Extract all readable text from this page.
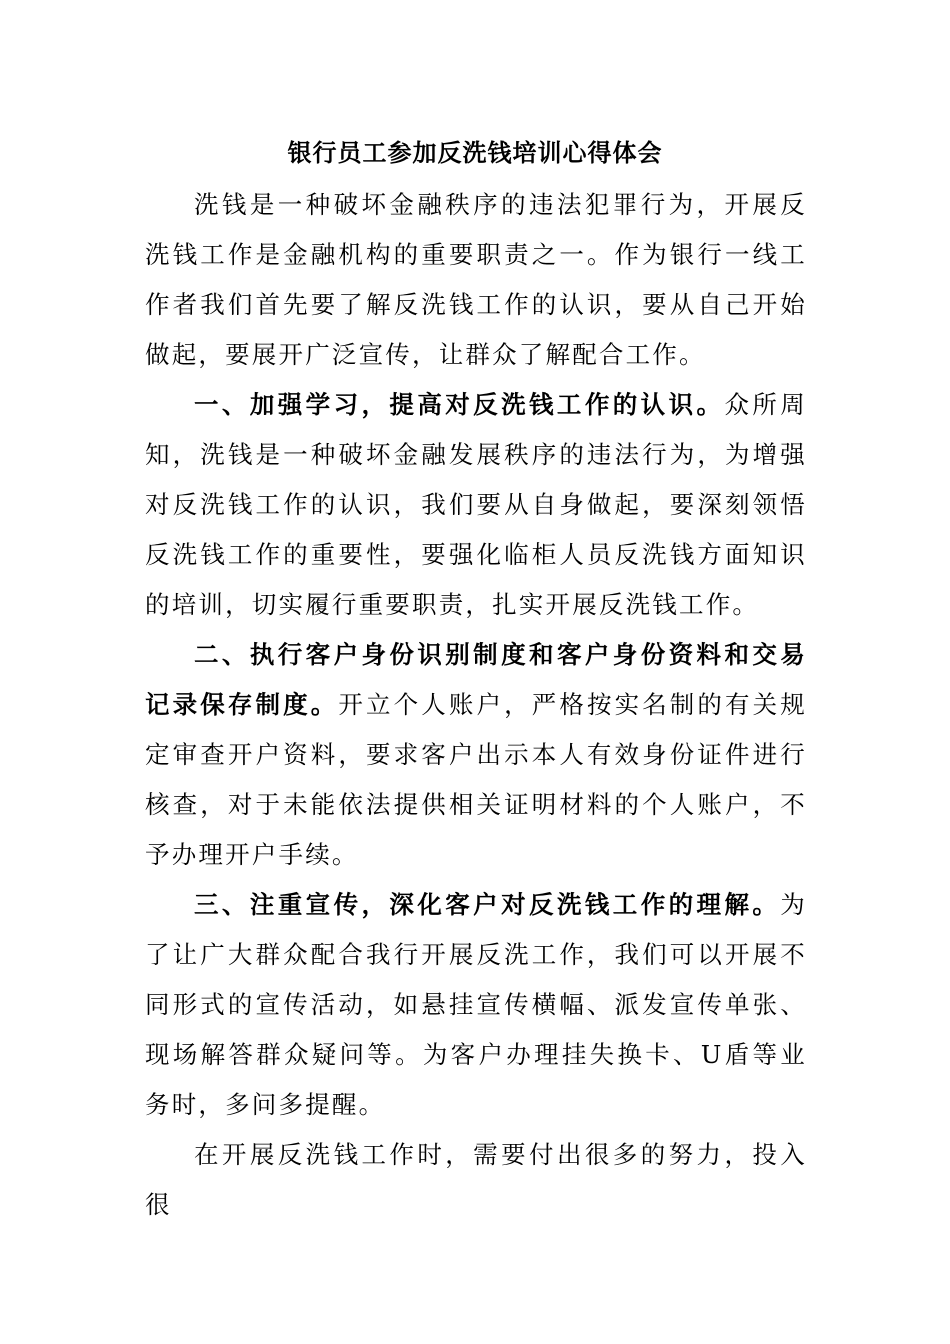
银行员工参加反洗钱培训心得体会

洗钱是一种破坏金融秩序的违法犯罪行为，开展反洗钱工作是金融机构的重要职责之一。作为银行一线工作者我们首先要了解反洗钱工作的认识，要从自己开始做起，要展开广泛宣传，让群众了解配合工作。

一、加强学习，提高对反洗钱工作的认识。众所周知，洗钱是一种破坏金融发展秩序的违法行为，为增强对反洗钱工作的认识，我们要从自身做起，要深刻领悟反洗钱工作的重要性，要强化临柜人员反洗钱方面知识的培训，切实履行重要职责，扎实开展反洗钱工作。

二、执行客户身份识别制度和客户身份资料和交易记录保存制度。开立个人账户，严格按实名制的有关规定审查开户资料，要求客户出示本人有效身份证件进行核查，对于未能依法提供相关证明材料的个人账户，不予办理开户手续。

三、注重宣传，深化客户对反洗钱工作的理解。为了让广大群众配合我行开展反洗工作，我们可以开展不同形式的宣传活动，如悬挂宣传横幅、派发宣传单张、现场解答群众疑问等。为客户办理挂失换卡、U盾等业务时，多问多提醒。

在开展反洗钱工作时，需要付出很多的努力，投入很
